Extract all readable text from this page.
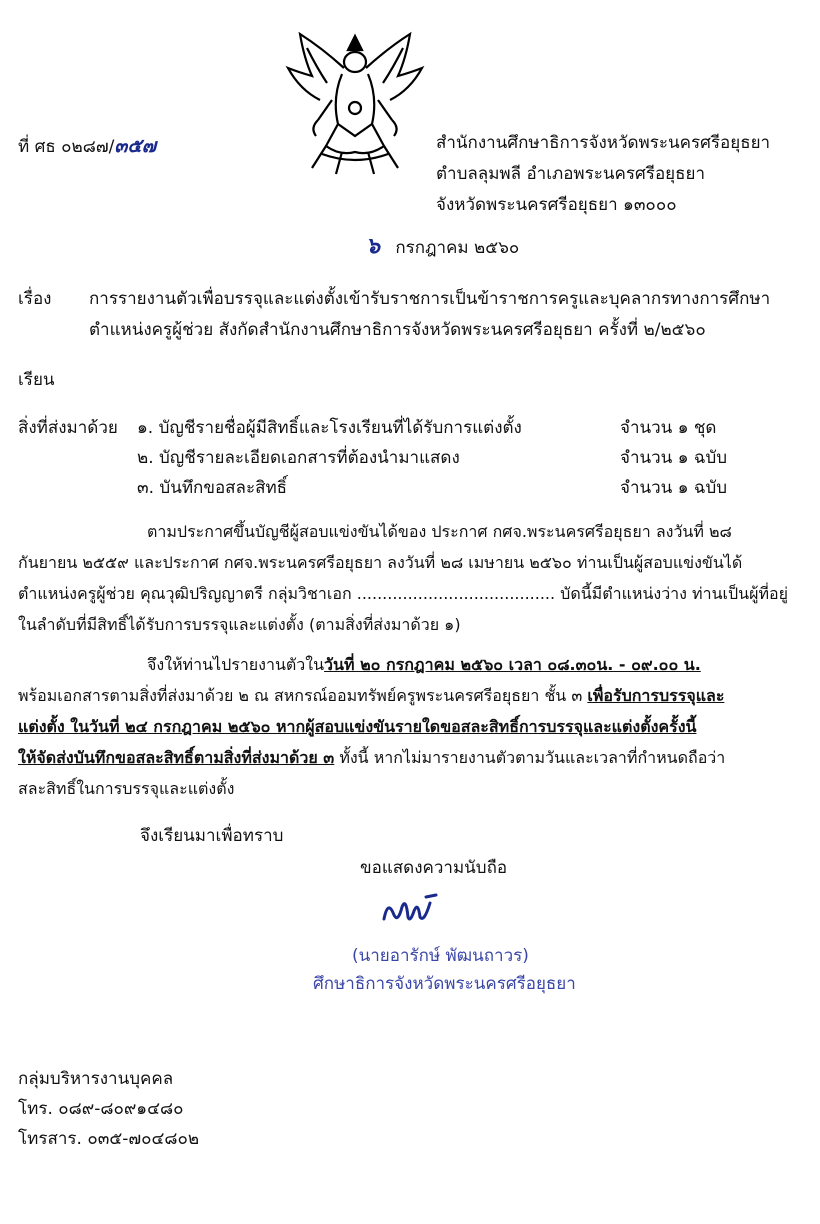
ที่ ศธ ๐๒๘๗/๓๕๗	สำนักงานศึกษาธิการจังหวัดพระนครศรีอยุธยา
ตำบลลุมพลี อำเภอพระนครศรีอยุธยา
จังหวัดพระนครศรีอยุธยา ๑๓๐๐๐
๖ กรกฎาคม ๒๕๖๐
เรื่อง การรายงานตัวเพื่อบรรจุและแต่งตั้งเข้ารับราชการเป็นข้าราชการครูและบุคลากรทางการศึกษา
ตำแหน่งครูผู้ช่วย สังกัดสำนักงานศึกษาธิการจังหวัดพระนครศรีอยุธยา ครั้งที่ ๒/๒๕๖๐
เรียน
สิ่งที่ส่งมาด้วย ๑. บัญชีรายชื่อผู้มีสิทธิ์และโรงเรียนที่ได้รับการแต่งตั้ง	จำนวน ๑ ชุด
๒. บัญชีรายละเอียดเอกสารที่ต้องนำมาแสดง	จำนวน ๑ ฉบับ
๓. บันทึกขอสละสิทธิ์	จำนวน ๑ ฉบับ
ตามประกาศขึ้นบัญชีผู้สอบแข่งขันได้ของ ประกาศ กศจ.พระนครศรีอยุธยา ลงวันที่ ๒๘
กันยายน ๒๕๕๙ และประกาศ กศจ.พระนครศรีอยุธยา ลงวันที่ ๒๘ เมษายน ๒๕๖๐ ท่านเป็นผู้สอบแข่งขันได้
ตำแหน่งครูผู้ช่วย คุณวุฒิปริญญาตรี กลุ่มวิชาเอก ....................................... บัดนี้มีตำแหน่งว่าง ท่านเป็นผู้ที่อยู่
ในลำดับที่มีสิทธิ์ได้รับการบรรจุและแต่งตั้ง (ตามสิ่งที่ส่งมาด้วย ๑)
จึงให้ท่านไปรายงานตัวในวันที่ ๒๐ กรกฎาคม ๒๕๖๐ เวลา ๐๘.๓๐น. - ๐๙.๐๐ น.
พร้อมเอกสารตามสิ่งที่ส่งมาด้วย ๒ ณ สหกรณ์ออมทรัพย์ครูพระนครศรีอยุธยา ชั้น ๓ เพื่อรับการบรรจุและ
แต่งตั้ง ในวันที่ ๒๔ กรกฎาคม ๒๕๖๐ หากผู้สอบแข่งขันรายใดขอสละสิทธิ์การบรรจุและแต่งตั้งครั้งนี้
ให้จัดส่งบันทึกขอสละสิทธิ์ตามสิ่งที่ส่งมาด้วย ๓ ทั้งนี้ หากไม่มารายงานตัวตามวันและเวลาที่กำหนดถือว่า
สละสิทธิ์ในการบรรจุและแต่งตั้ง
จึงเรียนมาเพื่อทราบ
ขอแสดงความนับถือ
(นายอารักษ์ พัฒนถาวร)
ศึกษาธิการจังหวัดพระนครศรีอยุธยา
กลุ่มบริหารงานบุคคล
โทร. ๐๘๙-๘๐๙๑๔๘๐
โทรสาร. ๐๓๕-๗๐๔๘๐๒
